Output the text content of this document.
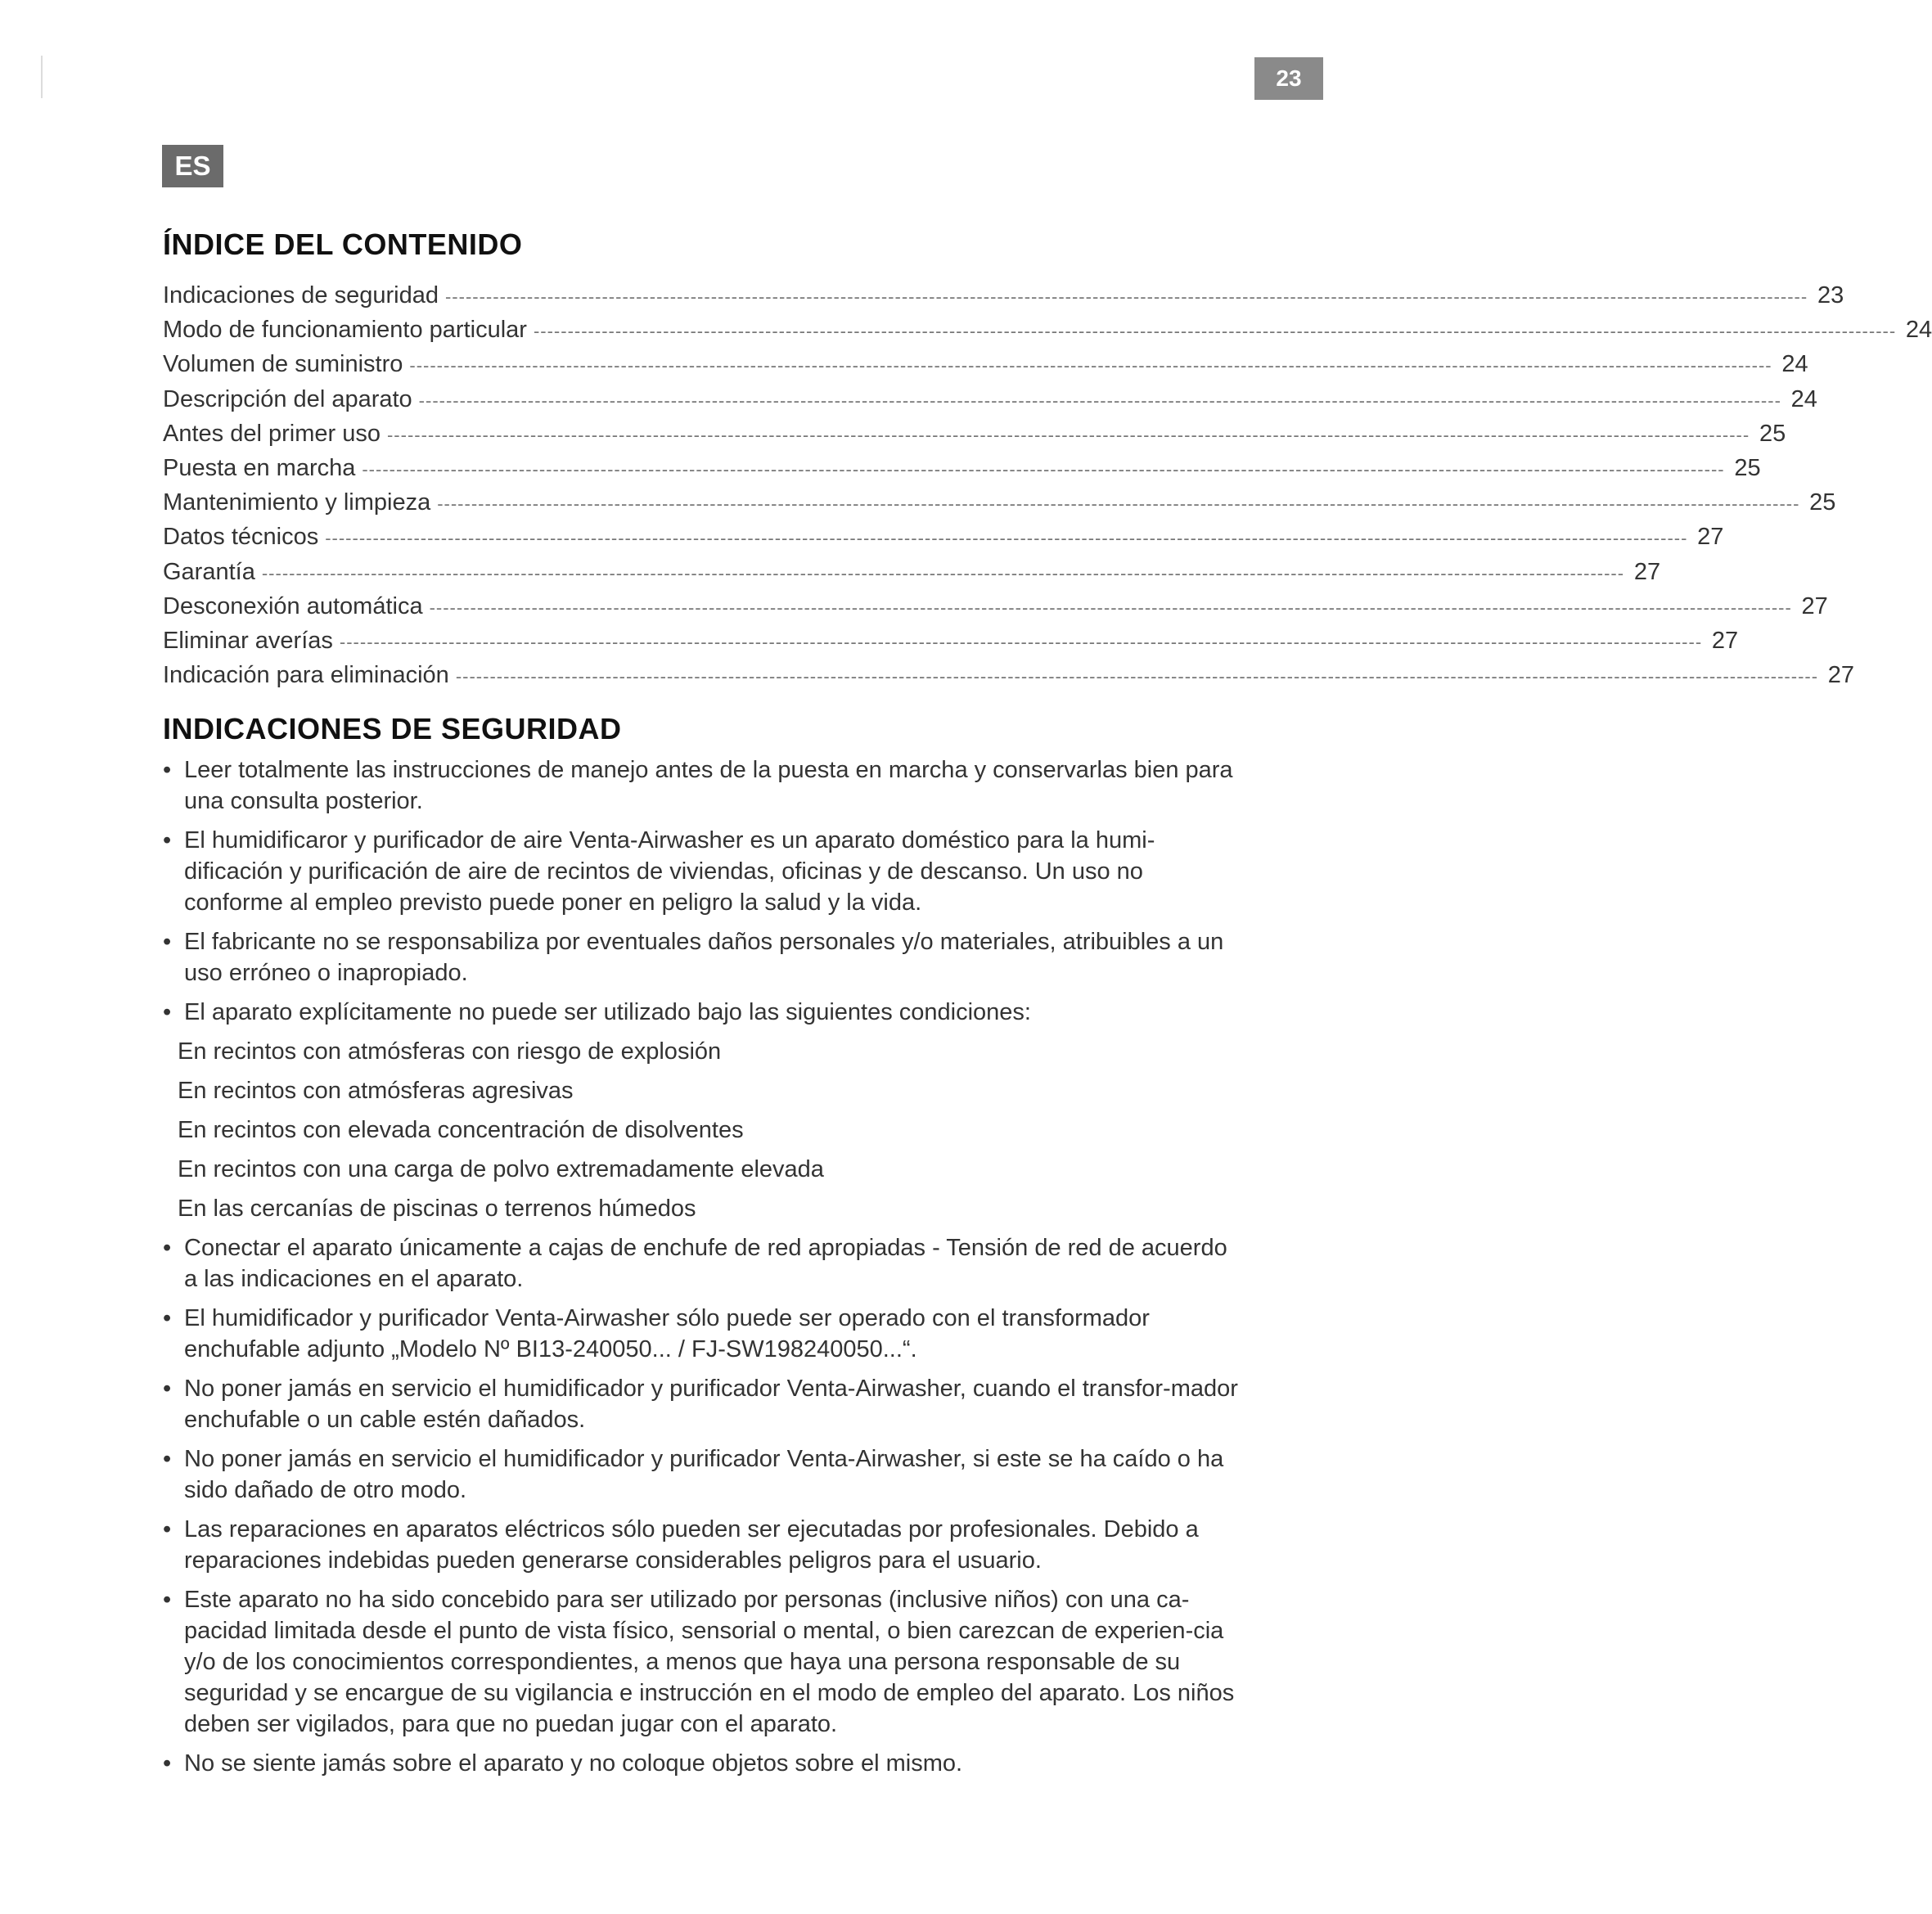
23
ES
ÍNDICE DEL CONTENIDO
Indicaciones de seguridad -------------------------------------------------------------------------------------------------------------------------------------------------------------------------------------------------------- 23
Modo de funcionamiento particular -------------------------------------------------------------------------------------------------------------------------------------------------------------------------------------------------------- 24
Volumen de suministro -------------------------------------------------------------------------------------------------------------------------------------------------------------------------------------------------------- 24
Descripción del aparato -------------------------------------------------------------------------------------------------------------------------------------------------------------------------------------------------------- 24
Antes del primer uso -------------------------------------------------------------------------------------------------------------------------------------------------------------------------------------------------------- 25
Puesta en marcha -------------------------------------------------------------------------------------------------------------------------------------------------------------------------------------------------------- 25
Mantenimiento y limpieza -------------------------------------------------------------------------------------------------------------------------------------------------------------------------------------------------------- 25
Datos técnicos -------------------------------------------------------------------------------------------------------------------------------------------------------------------------------------------------------- 27
Garantía -------------------------------------------------------------------------------------------------------------------------------------------------------------------------------------------------------- 27
Desconexión automática -------------------------------------------------------------------------------------------------------------------------------------------------------------------------------------------------------- 27
Eliminar averías -------------------------------------------------------------------------------------------------------------------------------------------------------------------------------------------------------- 27
Indicación para eliminación -------------------------------------------------------------------------------------------------------------------------------------------------------------------------------------------------------- 27
INDICACIONES DE SEGURIDAD
• Leer totalmente las instrucciones de manejo antes de la puesta en marcha y conservarlas bien para una consulta posterior.
• El humidificaror y purificador de aire Venta-Airwasher es un aparato doméstico para la humi-dificación y purificación de aire de recintos de viviendas, oficinas y de descanso. Un uso no conforme al empleo previsto puede poner en peligro la salud y la vida.
• El fabricante no se responsabiliza por eventuales daños personales y/o materiales, atribuibles a un uso erróneo o inapropiado.
• El aparato explícitamente no puede ser utilizado bajo las siguientes condiciones:
En recintos con atmósferas con riesgo de explosión
En recintos con atmósferas agresivas
En recintos con elevada concentración de disolventes
En recintos con una carga de polvo extremadamente elevada
En las cercanías de piscinas o terrenos húmedos
• Conectar el aparato únicamente a cajas de enchufe de red apropiadas - Tensión de red de acuerdo a las indicaciones en el aparato.
• El humidificador y purificador Venta-Airwasher sólo puede ser operado con el transformador enchufable adjunto „Modelo Nº BI13-240050... / FJ-SW198240050...“.
• No poner jamás en servicio el humidificador y purificador Venta-Airwasher, cuando el transfor-mador enchufable o un cable estén dañados.
• No poner jamás en servicio el humidificador y purificador Venta-Airwasher, si este se ha caído o ha sido dañado de otro modo.
• Las reparaciones en aparatos eléctricos sólo pueden ser ejecutadas por profesionales. Debido a reparaciones indebidas pueden generarse considerables peligros para el usuario.
• Este aparato no ha sido concebido para ser utilizado por personas (inclusive niños) con una ca-pacidad limitada desde el punto de vista físico, sensorial o mental, o bien carezcan de experien-cia y/o de los conocimientos correspondientes, a menos que haya una persona responsable de su seguridad y se encargue de su vigilancia e instrucción en el modo de empleo del aparato. Los niños deben ser vigilados, para que no puedan jugar con el aparato.
• No se siente jamás sobre el aparato y no coloque objetos sobre el mismo.
